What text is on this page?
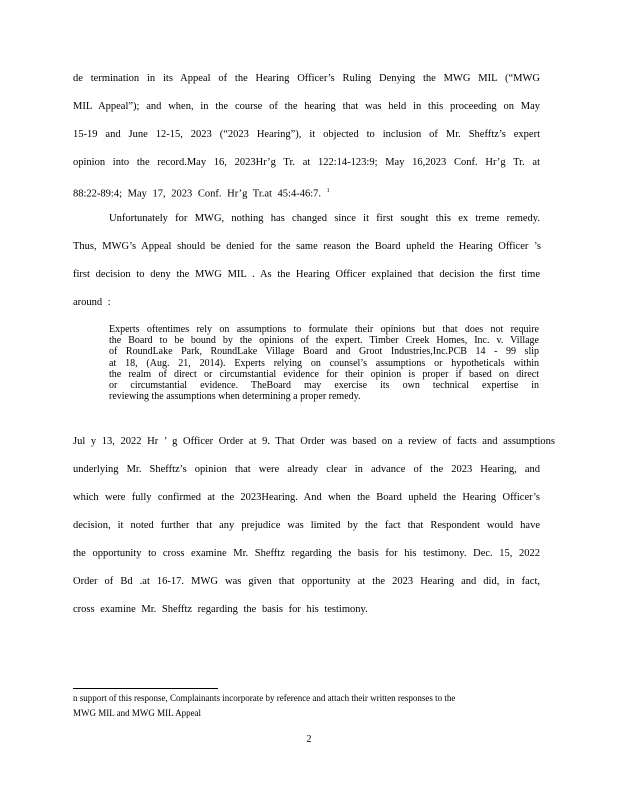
de termination in its Appeal of the Hearing Officer’s Ruling Denying the MWG MIL (“MWG
MIL Appeal”); and when, in the course of the hearing that was held in this proceeding on May
15-19 and June 12-15, 2023 (“2023 Hearing”), it objected to inclusion of Mr. Shefftz’s expert
opinion into the record.May 16, 2023Hr’g Tr. at 122:14-123:9; May 16,2023 Conf. Hr’g Tr. at
88:22-89:4; May 17, 2023 Conf. Hr’g Tr.at 45:4-46:7. $^1$
Unfortunately for MWG, nothing has changed since it first sought this ex treme remedy.
Thus, MWG’s Appeal should be denied for the same reason the Board upheld the Hearing Officer ’s
first decision to deny the MWG MIL . As the Hearing Officer explained that decision the first time
around :
Experts oftentimes rely on assumptions to formulate their opinions but that does not require
the Board to be bound by the opinions of the expert. Timber Creek Homes, Inc. v. Village
of RoundLake Park, RoundLake Village Board and Groot Industries,Inc.PCB 14 - 99 slip
at 18, (Aug. 21, 2014). Experts relying on counsel’s assumptions or hypotheticals within
the realm of direct or circumstantial evidence for their opinion is proper if based on direct
or circumstantial evidence. TheBoard may exercise its own technical expertise in
reviewing the assumptions when determining a proper remedy.
Jul y 13, 2022 Hr ’ g Officer Order at 9. That Order was based on a review of facts and assumptions
underlying Mr. Shefftz’s opinion that were already clear in advance of the 2023 Hearing, and
which were fully confirmed at the 2023Hearing. And when the Board upheld the Hearing Officer’s
decision, it noted further that any prejudice was limited by the fact that Respondent would have
the opportunity to cross examine Mr. Shefftz regarding the basis for his testimony. Dec. 15, 2022
Order of Bd .at 16-17. MWG was given that opportunity at the 2023 Hearing and did, in fact,
cross examine Mr. Shefftz regarding the basis for his testimony.
n support of this response, Complainants incorporate by reference and attach their written responses to the
MWG MIL and MWG MIL Appeal
2
